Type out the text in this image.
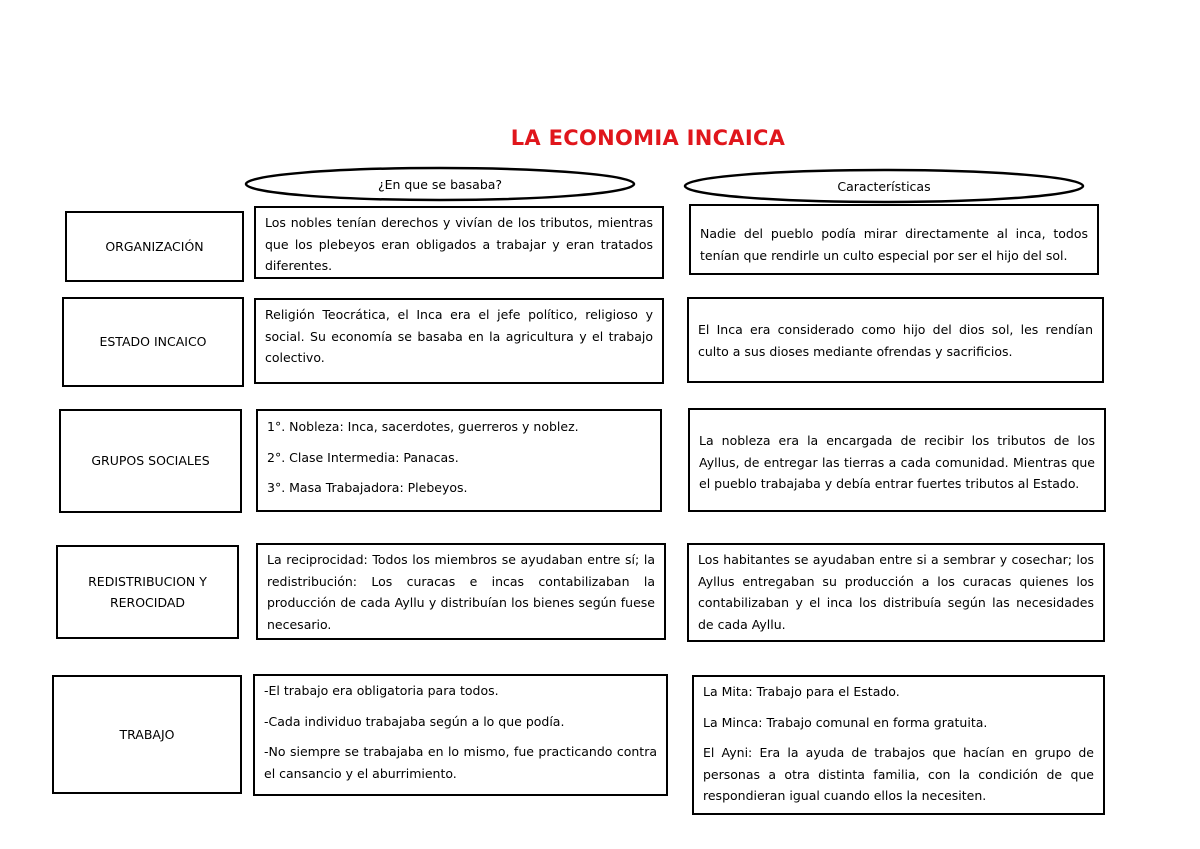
LA ECONOMIA INCAICA
¿En que se basaba?	Características
ORGANIZACIÓN

Los nobles tenían derechos y vivían de los tributos, mientras que los plebeyos eran obligados a trabajar y eran tratados diferentes.

Nadie del pueblo podía mirar directamente al inca, todos tenían que rendirle un culto especial por ser el hijo del sol.

ESTADO INCAICO

Religión Teocrática, el Inca era el jefe político, religioso y social. Su economía se basaba en la agricultura y el trabajo colectivo.

El Inca era considerado como hijo del dios sol, les rendían culto a sus dioses mediante ofrendas y sacrificios.

GRUPOS SOCIALES

1°. Nobleza: Inca, sacerdotes, guerreros y noblez.

2°. Clase Intermedia: Panacas.

3°. Masa Trabajadora: Plebeyos.

La nobleza era la encargada de recibir los tributos de los Ayllus, de entregar las tierras a cada comunidad. Mientras que el pueblo trabajaba y debía entrar fuertes tributos al Estado.

REDISTRIBUCION Y
REROCIDAD

La reciprocidad: Todos los miembros se ayudaban entre sí; la redistribución: Los curacas e incas contabilizaban la producción de cada Ayllu y distribuían los bienes según fuese necesario.

Los habitantes se ayudaban entre si a sembrar y cosechar; los Ayllus entregaban su producción a los curacas quienes los contabilizaban y el inca los distribuía según las necesidades de cada Ayllu.

TRABAJO

-El trabajo era obligatoria para todos.

-Cada individuo trabajaba según a lo que podía.

-No siempre se trabajaba en lo mismo, fue practicando contra el cansancio y el aburrimiento.

La Mita: Trabajo para el Estado.

La Minca: Trabajo comunal en forma gratuita.

El Ayni: Era la ayuda de trabajos que hacían en grupo de personas a otra distinta familia, con la condición de que respondieran igual cuando ellos la necesiten.
